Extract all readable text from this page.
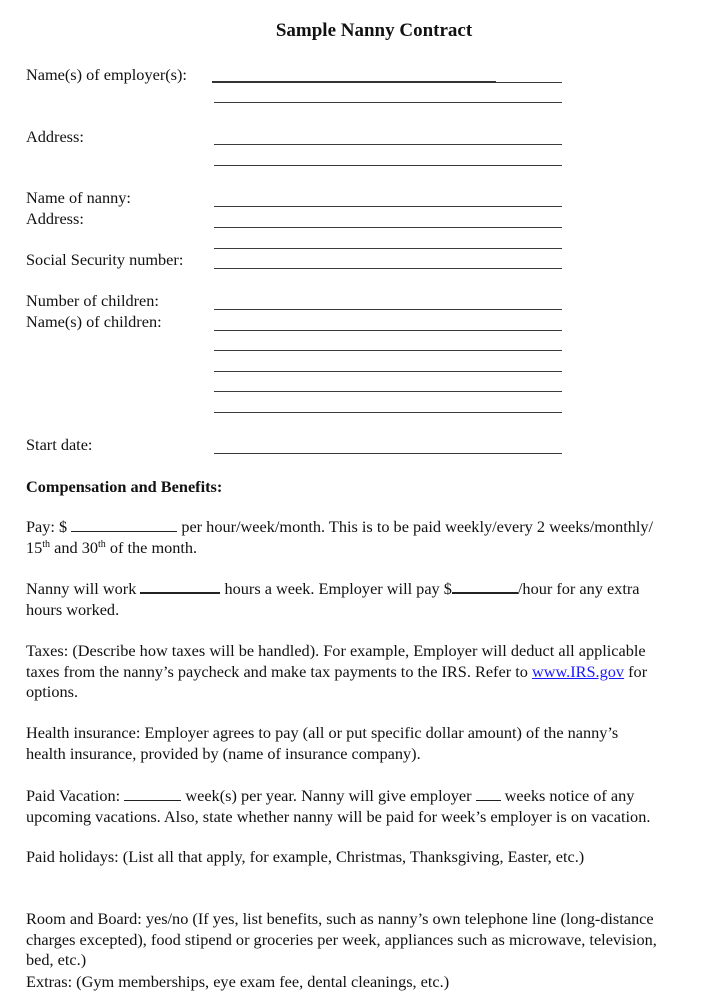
Sample Nanny Contract
Name(s) of employer(s):
Address:
Name of nanny:
Address:
Social Security number:
Number of children:
Name(s) of children:
Start date:
Compensation and Benefits:
Pay: $	per hour/week/month. This is to be paid weekly/every 2 weeks/monthly/
15th and 30th of the month.
Nanny will work	hours a week. Employer will pay $	/hour for any extra
hours worked.
Taxes: (Describe how taxes will be handled). For example, Employer will deduct all applicable
taxes from the nanny’s paycheck and make tax payments to the IRS. Refer to www.IRS.gov for
options.
Health insurance: Employer agrees to pay (all or put specific dollar amount) of the nanny’s
health insurance, provided by (name of insurance company).
Paid Vacation:	week(s) per year. Nanny will give employer  weeks notice of any
upcoming vacations. Also, state whether nanny will be paid for week’s employer is on vacation.
Paid holidays: (List all that apply, for example, Christmas, Thanksgiving, Easter, etc.)
Room and Board: yes/no (If yes, list benefits, such as nanny’s own telephone line (long-distance
charges excepted), food stipend or groceries per week, appliances such as microwave, television,
bed, etc.)
Extras: (Gym memberships, eye exam fee, dental cleanings, etc.)
